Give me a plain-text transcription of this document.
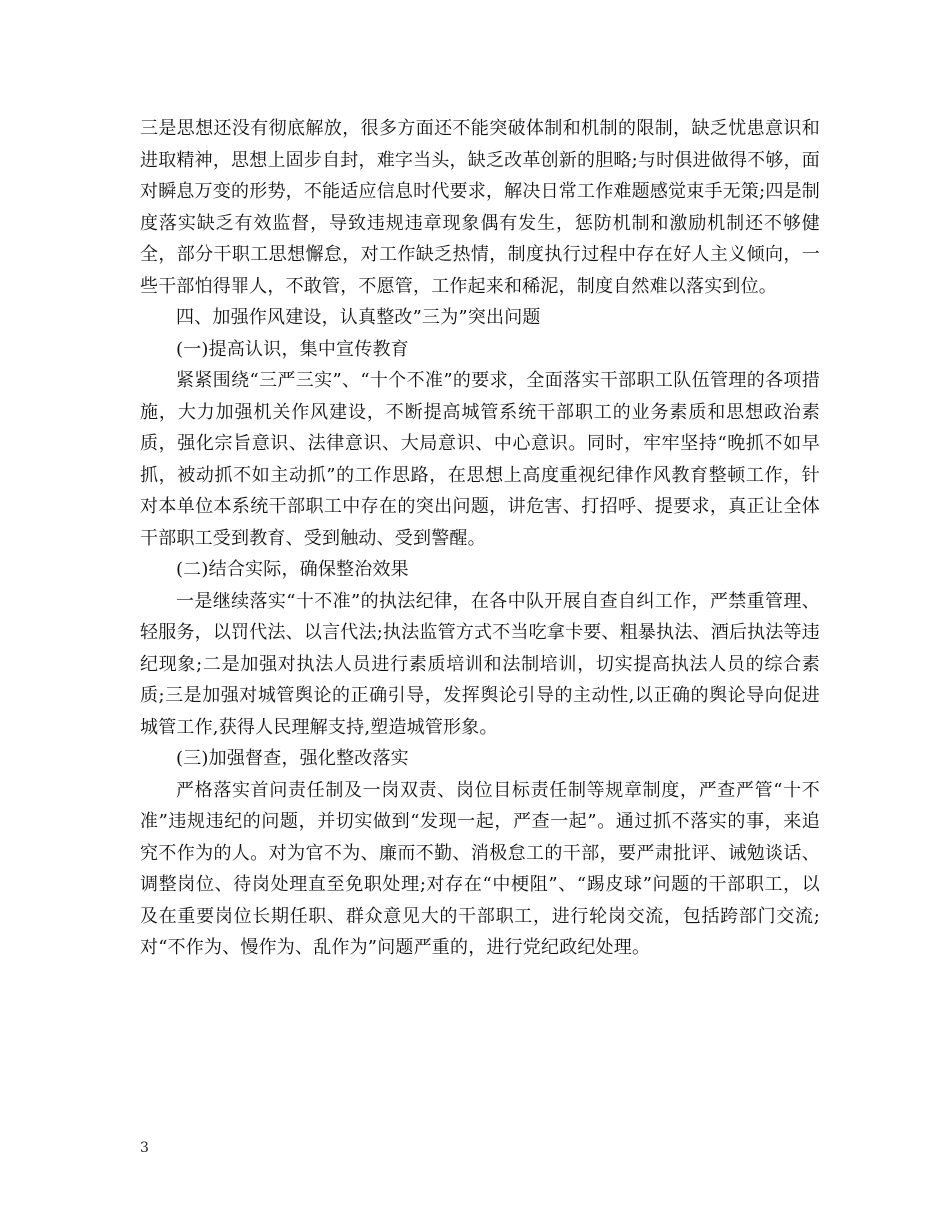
三是思想还没有彻底解放，很多方面还不能突破体制和机制的限制，缺乏忧患意识和进取精神，思想上固步自封，难字当头，缺乏改革创新的胆略;与时俱进做得不够，面对瞬息万变的形势，不能适应信息时代要求，解决日常工作难题感觉束手无策;四是制度落实缺乏有效监督，导致违规违章现象偶有发生，惩防机制和激励机制还不够健全，部分干职工思想懈怠，对工作缺乏热情，制度执行过程中存在好人主义倾向，一些干部怕得罪人，不敢管，不愿管，工作起来和稀泥，制度自然难以落实到位。

四、加强作风建设，认真整改”三为”突出问题

(一)提高认识，集中宣传教育

紧紧围绕“三严三实”、“十个不准”的要求，全面落实干部职工队伍管理的各项措施，大力加强机关作风建设，不断提高城管系统干部职工的业务素质和思想政治素质，强化宗旨意识、法律意识、大局意识、中心意识。同时，牢牢坚持“晚抓不如早抓，被动抓不如主动抓”的工作思路，在思想上高度重视纪律作风教育整顿工作，针对本单位本系统干部职工中存在的突出问题，讲危害、打招呼、提要求，真正让全体干部职工受到教育、受到触动、受到警醒。

(二)结合实际，确保整治效果

一是继续落实“十不准”的执法纪律，在各中队开展自查自纠工作，严禁重管理、轻服务，以罚代法、以言代法;执法监管方式不当吃拿卡要、粗暴执法、酒后执法等违纪现象;二是加强对执法人员进行素质培训和法制培训，切实提高执法人员的综合素质;三是加强对城管舆论的正确引导，发挥舆论引导的主动性,以正确的舆论导向促进城管工作,获得人民理解支持,塑造城管形象。

(三)加强督查，强化整改落实

严格落实首问责任制及一岗双责、岗位目标责任制等规章制度，严查严管“十不准”违规违纪的问题，并切实做到“发现一起，严查一起”。通过抓不落实的事，来追究不作为的人。对为官不为、廉而不勤、消极怠工的干部，要严肃批评、诫勉谈话、调整岗位、待岗处理直至免职处理;对存在“中梗阻”、“踢皮球”问题的干部职工，以及在重要岗位长期任职、群众意见大的干部职工，进行轮岗交流，包括跨部门交流;对“不作为、慢作为、乱作为”问题严重的，进行党纪政纪处理。

3
